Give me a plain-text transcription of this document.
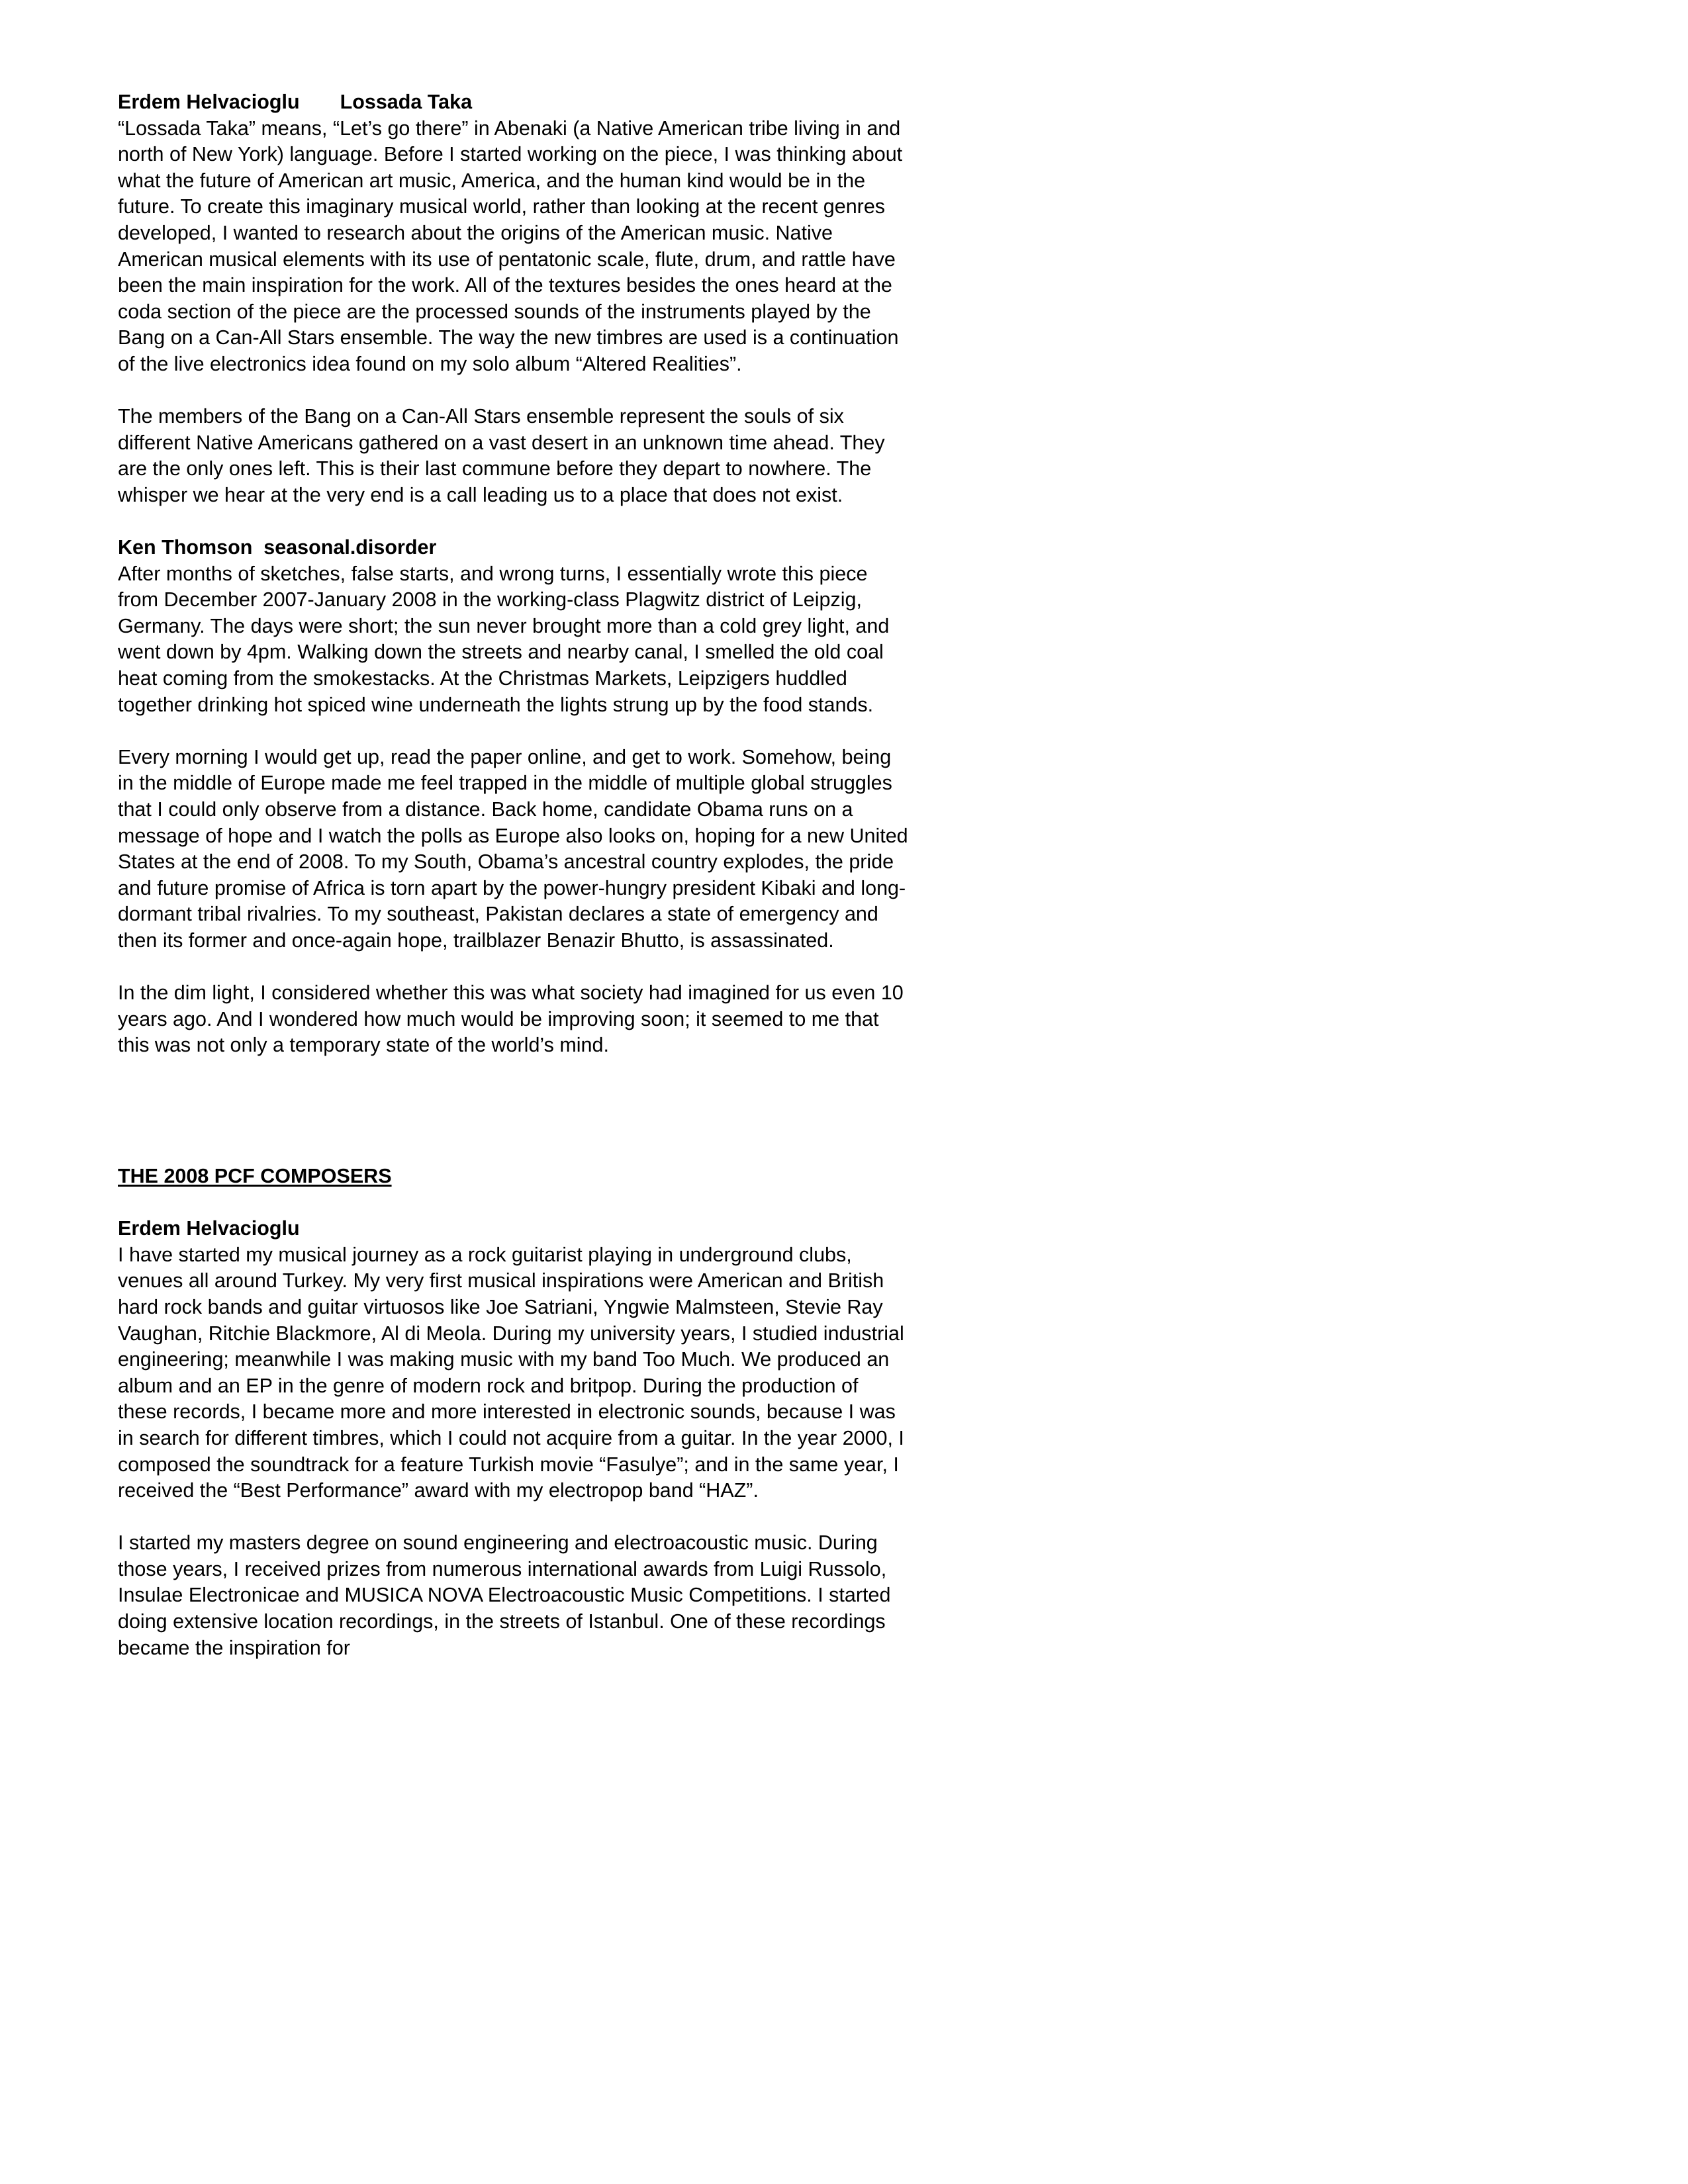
Erdem Helvacioglu  Lossada Taka

“Lossada Taka” means, “Let’s go there” in Abenaki (a Native American tribe living in and north of New York) language. Before I started working on the piece, I was thinking about what the future of American art music, America, and the human kind would be in the future. To create this imaginary musical world, rather than looking at the recent genres developed, I wanted to research about the origins of the American music. Native American musical elements with its use of pentatonic scale, flute, drum, and rattle have been the main inspiration for the work. All of the textures besides the ones heard at the coda section of the piece are the processed sounds of the instruments played by the Bang on a Can-All Stars ensemble. The way the new timbres are used is a continuation of the live electronics idea found on my solo album “Altered Realities”.

The members of the Bang on a Can-All Stars ensemble represent the souls of six different Native Americans gathered on a vast desert in an unknown time ahead. They are the only ones left. This is their last commune before they depart to nowhere. The whisper we hear at the very end is a call leading us to a place that does not exist.

Ken Thomson  seasonal.disorder

After months of sketches, false starts, and wrong turns, I essentially wrote this piece from December 2007-January 2008 in the working-class Plagwitz district of Leipzig, Germany. The days were short; the sun never brought more than a cold grey light, and went down by 4pm. Walking down the streets and nearby canal, I smelled the old coal heat coming from the smokestacks. At the Christmas Markets, Leipzigers huddled together drinking hot spiced wine underneath the lights strung up by the food stands.

Every morning I would get up, read the paper online, and get to work. Somehow, being in the middle of Europe made me feel trapped in the middle of multiple global struggles that I could only observe from a distance. Back home, candidate Obama runs on a message of hope and I watch the polls as Europe also looks on, hoping for a new United States at the end of 2008. To my South, Obama’s ancestral country explodes, the pride and future promise of Africa is torn apart by the power-hungry president Kibaki and long-dormant tribal rivalries. To my southeast, Pakistan declares a state of emergency and then its former and once-again hope, trailblazer Benazir Bhutto, is assassinated.

In the dim light, I considered whether this was what society had imagined for us even 10 years ago. And I wondered how much would be improving soon; it seemed to me that this was not only a temporary state of the world’s mind.

THE 2008 PCF COMPOSERS
Erdem Helvacioglu

I have started my musical journey as a rock guitarist playing in underground clubs, venues all around Turkey. My very first musical inspirations were American and British hard rock bands and guitar virtuosos like Joe Satriani, Yngwie Malmsteen, Stevie Ray Vaughan, Ritchie Blackmore, Al di Meola. During my university years, I studied industrial engineering; meanwhile I was making music with my band Too Much. We produced an album and an EP in the genre of modern rock and britpop. During the production of these records, I became more and more interested in electronic sounds, because I was in search for different timbres, which I could not acquire from a guitar. In the year 2000, I composed the soundtrack for a feature Turkish movie “Fasulye”; and in the same year, I received the “Best Performance” award with my electropop band “HAZ”.

I started my masters degree on sound engineering and electroacoustic music. During those years, I received prizes from numerous international awards from Luigi Russolo, Insulae Electronicae and MUSICA NOVA Electroacoustic Music Competitions. I started doing extensive location recordings, in the streets of Istanbul. One of these recordings became the inspiration for
